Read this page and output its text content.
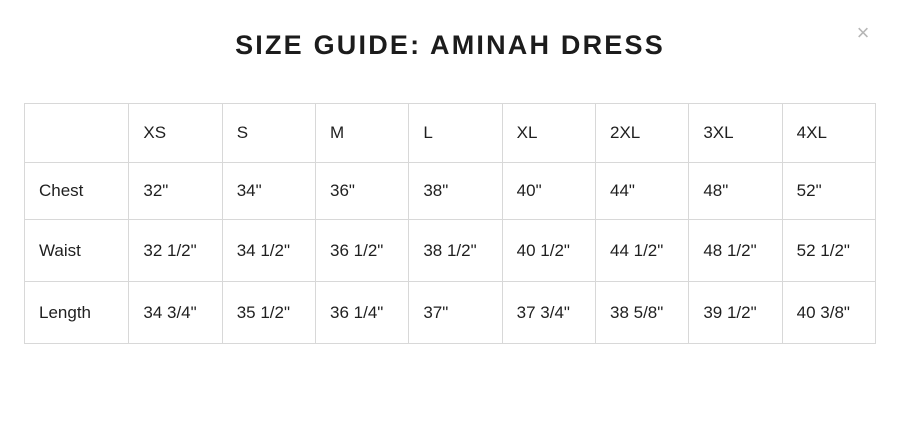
×
SIZE GUIDE: AMINAH DRESS
	XS	S	M	L	XL	2XL	3XL	4XL
Chest	32"	34"	36"	38"	40"	44"	48"	52"
Waist	32 1/2"	34 1/2"	36 1/2"	38 1/2"	40 1/2"	44 1/2"	48 1/2"	52 1/2"
Length	34 3/4"	35 1/2"	36 1/4"	37"	37 3/4"	38 5/8"	39 1/2"	40 3/8"
